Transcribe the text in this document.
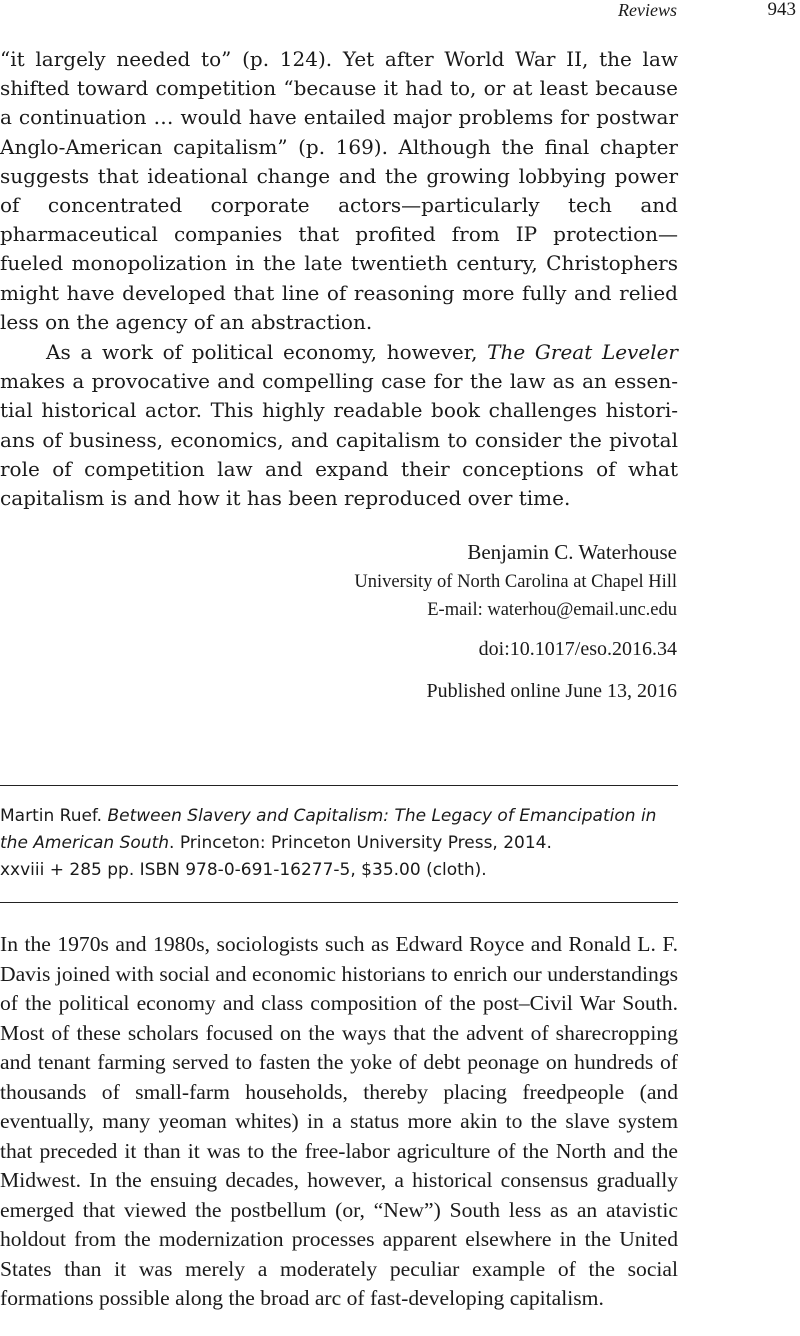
Reviews	943

“it largely needed to” (p. 124). Yet after World War II, the law shifted toward competition “because it had to, or at least because a continuation … would have entailed major problems for postwar Anglo-American capitalism” (p. 169). Although the final chapter suggests that ideational change and the growing lobbying power of concentrated corporate actors—particularly tech and pharmaceutical companies that profited from IP protection—fueled monopolization in the late twentieth century, Christophers might have developed that line of reasoning more fully and relied less on the agency of an abstraction.

As a work of political economy, however, The Great Leveler makes a provocative and compelling case for the law as an essential historical actor. This highly readable book challenges historians of business, economics, and capitalism to consider the pivotal role of competition law and expand their conceptions of what capitalism is and how it has been reproduced over time.

Benjamin C. Waterhouse
University of North Carolina at Chapel Hill
E-mail: waterhou@email.unc.edu
doi:10.1017/eso.2016.34
Published online June 13, 2016

Martin Ruef. Between Slavery and Capitalism: The Legacy of Emancipation in the American South. Princeton: Princeton University Press, 2014.
xxviii + 285 pp. ISBN 978-0-691-16277-5, $35.00 (cloth).

In the 1970s and 1980s, sociologists such as Edward Royce and Ronald L. F. Davis joined with social and economic historians to enrich our understandings of the political economy and class composition of the post–Civil War South. Most of these scholars focused on the ways that the advent of sharecropping and tenant farming served to fasten the yoke of debt peonage on hundreds of thousands of small-farm households, thereby placing freedpeople (and eventually, many yeoman whites) in a status more akin to the slave system that preceded it than it was to the free-labor agriculture of the North and the Midwest. In the ensuing decades, however, a historical consensus gradually emerged that viewed the postbellum (or, “New”) South less as an atavistic holdout from the modernization processes apparent elsewhere in the United States than it was merely a moderately peculiar example of the social formations possible along the broad arc of fast-developing capitalism.
